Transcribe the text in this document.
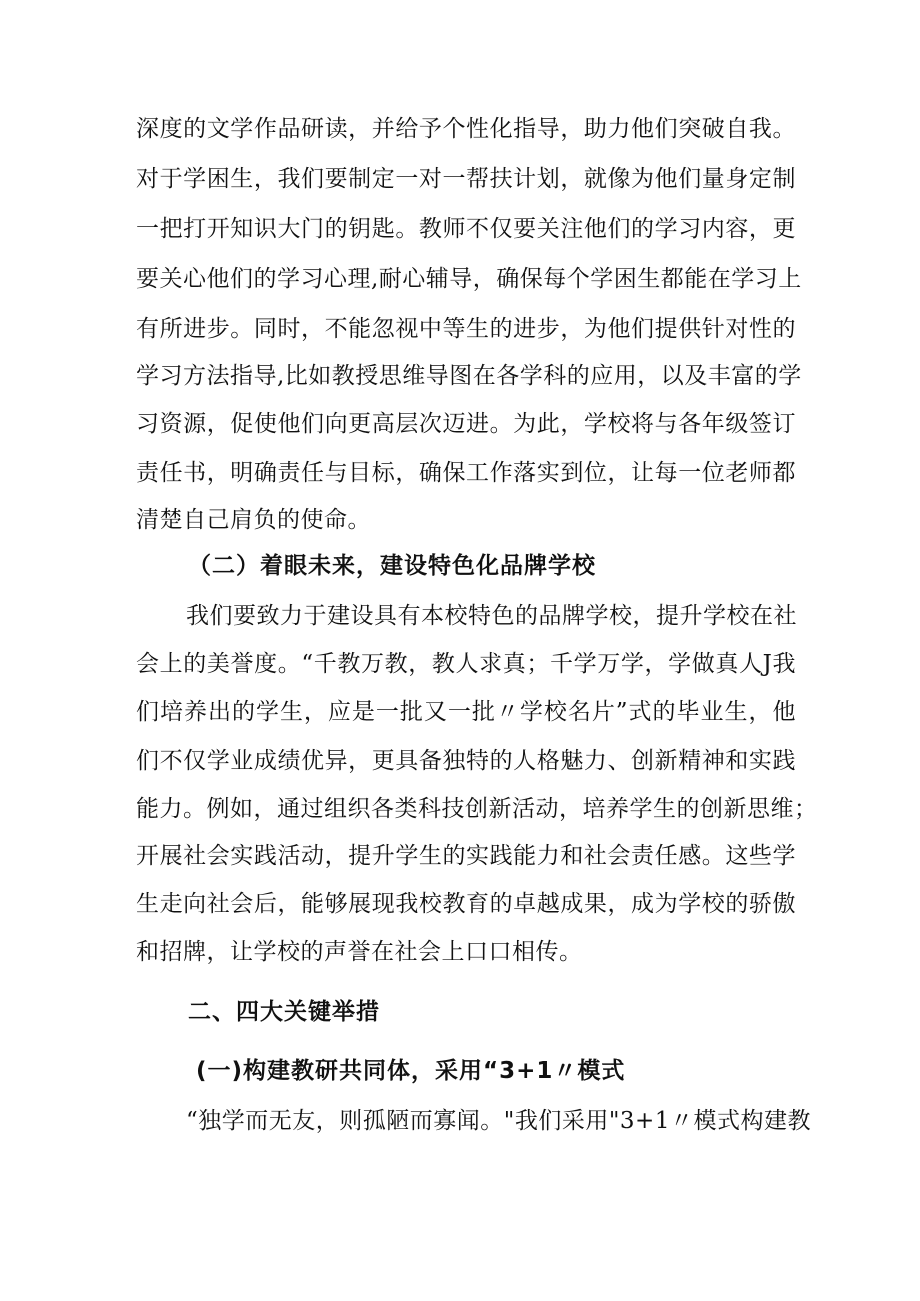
深度的文学作品研读，并给予个性化指导，助力他们突破自我。
对于学困生，我们要制定一对一帮扶计划，就像为他们量身定制
一把打开知识大门的钥匙。教师不仅要关注他们的学习内容，更
要关心他们的学习心理,耐心辅导，确保每个学困生都能在学习上
有所进步。同时，不能忽视中等生的进步，为他们提供针对性的
学习方法指导,比如教授思维导图在各学科的应用，以及丰富的学
习资源，促使他们向更高层次迈进。为此，学校将与各年级签订
责任书，明确责任与目标，确保工作落实到位，让每一位老师都
清楚自己肩负的使命。
（二）着眼未来，建设特色化品牌学校
我们要致力于建设具有本校特色的品牌学校，提升学校在社
会上的美誉度。“千教万教，教人求真；千学万学，学做真人J我
们培养出的学生，应是一批又一批〃学校名片”式的毕业生，他
们不仅学业成绩优异，更具备独特的人格魅力、创新精神和实践
能力。例如，通过组织各类科技创新活动，培养学生的创新思维；
开展社会实践活动，提升学生的实践能力和社会责任感。这些学
生走向社会后，能够展现我校教育的卓越成果，成为学校的骄傲
和招牌，让学校的声誉在社会上口口相传。
二、四大关键举措
(一)构建教研共同体，采用“3+1〃模式
“独学而无友，则孤陋而寡闻。"我们采用"3+1〃模式构建教
